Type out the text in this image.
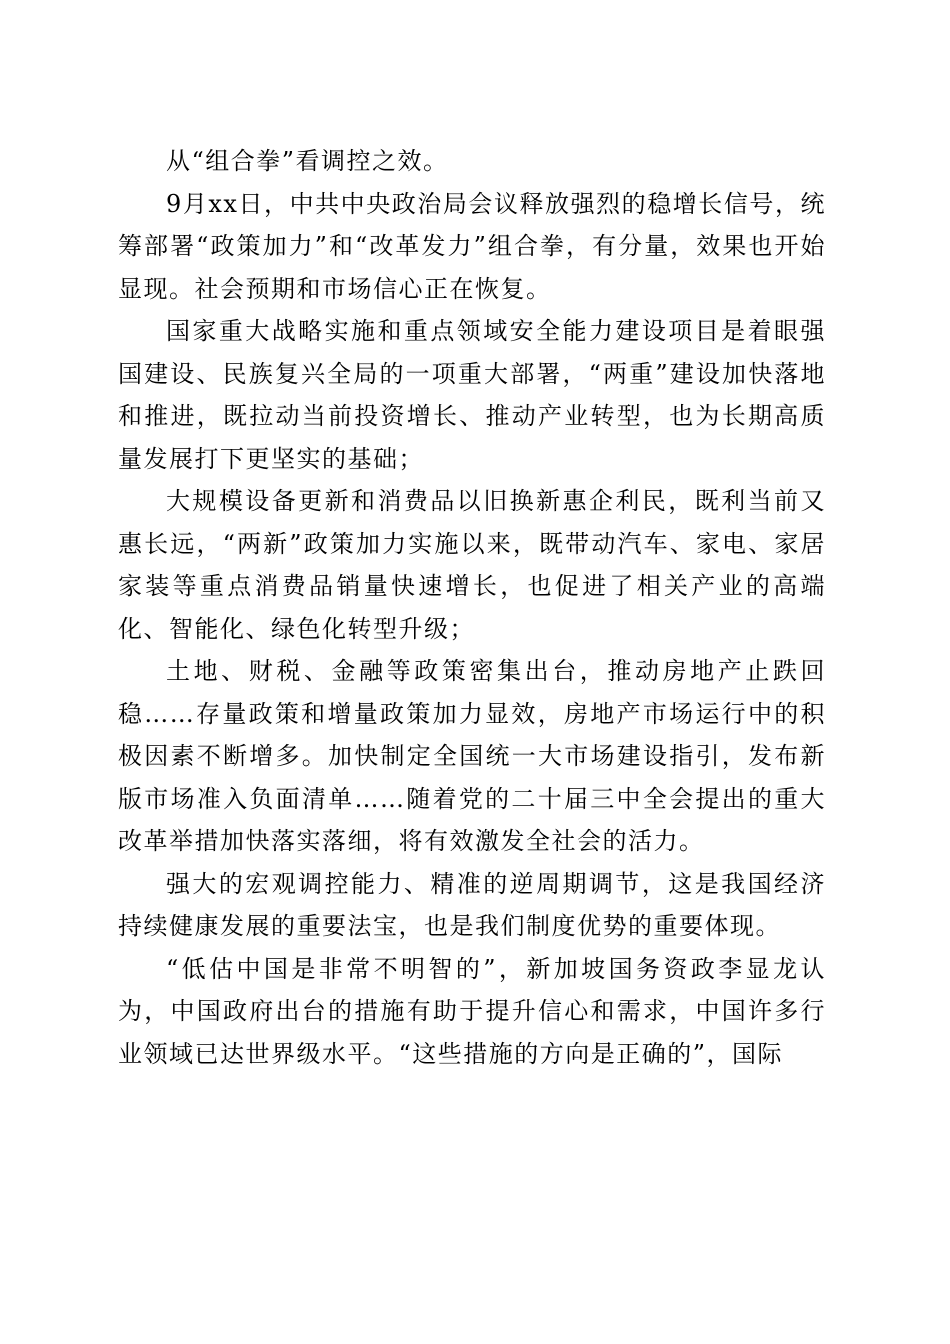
从“组合拳”看调控之效。

9月xx日，中共中央政治局会议释放强烈的稳增长信号，统筹部署“政策加力”和“改革发力”组合拳，有分量，效果也开始显现。社会预期和市场信心正在恢复。

国家重大战略实施和重点领域安全能力建设项目是着眼强国建设、民族复兴全局的一项重大部署，“两重”建设加快落地和推进，既拉动当前投资增长、推动产业转型，也为长期高质量发展打下更坚实的基础；

大规模设备更新和消费品以旧换新惠企利民，既利当前又惠长远，“两新”政策加力实施以来，既带动汽车、家电、家居家装等重点消费品销量快速增长，也促进了相关产业的高端化、智能化、绿色化转型升级；

土地、财税、金融等政策密集出台，推动房地产止跌回稳……存量政策和增量政策加力显效，房地产市场运行中的积极因素不断增多。加快制定全国统一大市场建设指引，发布新版市场准入负面清单……随着党的二十届三中全会提出的重大改革举措加快落实落细，将有效激发全社会的活力。

强大的宏观调控能力、精准的逆周期调节，这是我国经济持续健康发展的重要法宝，也是我们制度优势的重要体现。

“低估中国是非常不明智的”，新加坡国务资政李显龙认为，中国政府出台的措施有助于提升信心和需求，中国许多行业领域已达世界级水平。“这些措施的方向是正确的”，国际
